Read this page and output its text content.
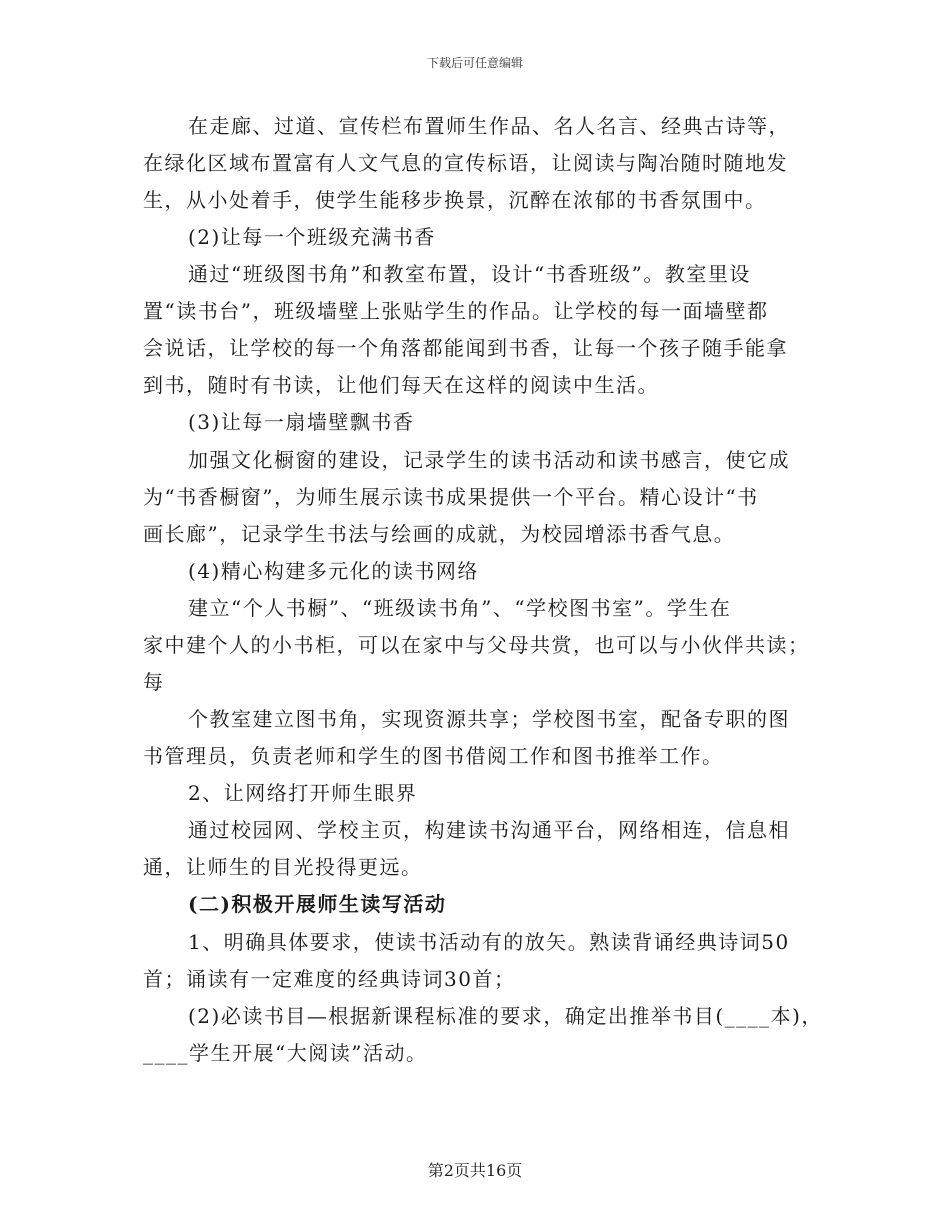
下载后可任意编辑
在走廊、过道、宣传栏布置师生作品、名人名言、经典古诗等，
在绿化区域布置富有人文气息的宣传标语，让阅读与陶冶随时随地发
生，从小处着手，使学生能移步换景，沉醉在浓郁的书香氛围中。
(2)让每一个班级充满书香
通过“班级图书角”和教室布置，设计“书香班级”。教室里设
置“读书台”，班级墙壁上张贴学生的作品。让学校的每一面墙壁都
会说话，让学校的每一个角落都能闻到书香，让每一个孩子随手能拿
到书，随时有书读，让他们每天在这样的阅读中生活。
(3)让每一扇墙壁飘书香
加强文化橱窗的建设，记录学生的读书活动和读书感言，使它成
为“书香橱窗”，为师生展示读书成果提供一个平台。精心设计“书
画长廊”，记录学生书法与绘画的成就，为校园增添书香气息。
(4)精心构建多元化的读书网络
建立“个人书橱”、“班级读书角”、“学校图书室”。学生在
家中建个人的小书柜，可以在家中与父母共赏，也可以与小伙伴共读；
每
个教室建立图书角，实现资源共享；学校图书室，配备专职的图
书管理员，负责老师和学生的图书借阅工作和图书推举工作。
2、让网络打开师生眼界
通过校园网、学校主页，构建读书沟通平台，网络相连，信息相
通，让师生的目光投得更远。
(二)积极开展师生读写活动
1、明确具体要求，使读书活动有的放矢。熟读背诵经典诗词50
首；诵读有一定难度的经典诗词30首；
(2)必读书目—根据新课程标准的要求，确定出推举书目(____本)，
____学生开展“大阅读”活动。
第2页共16页
